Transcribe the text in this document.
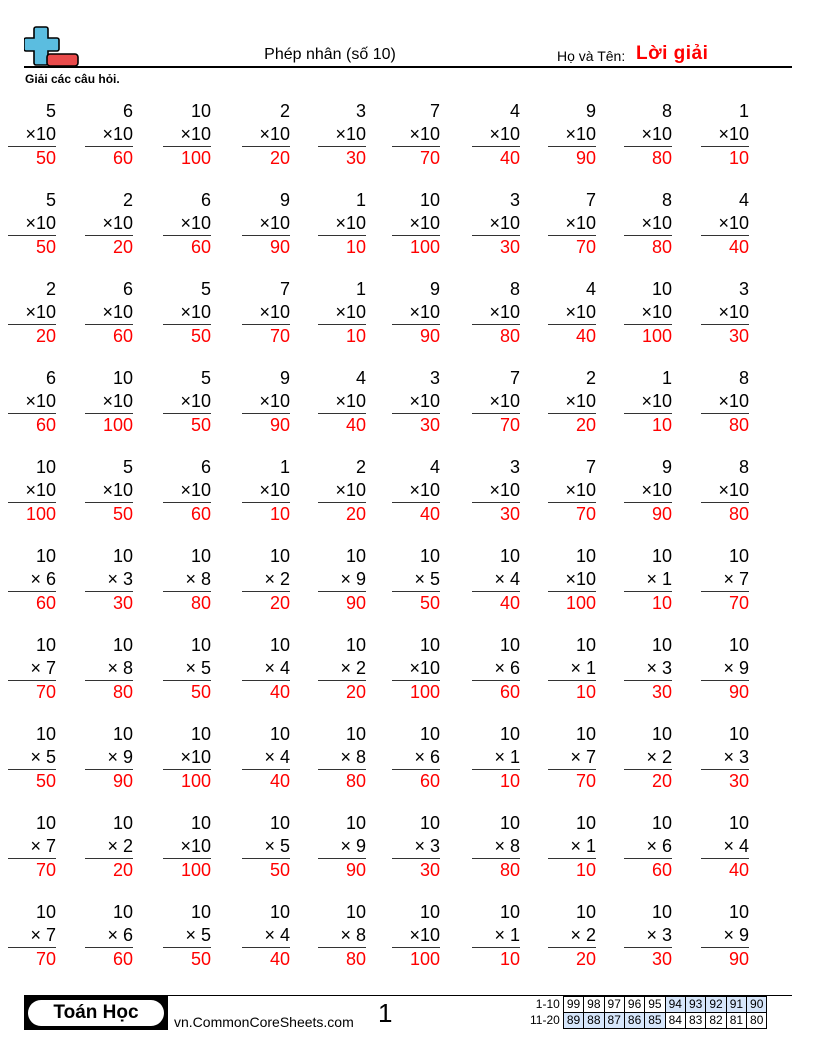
Phép nhân (số 10)	Họ và Tên: Lời giải
Giải các câu hỏi.
5
×10
50
6
×10
60
10
×10
100
2
×10
20
3
×10
30
7
×10
70
4
×10
40
9
×10
90
8
×10
80
1
×10
10
5
×10
50
2
×10
20
6
×10
60
9
×10
90
1
×10
10
10
×10
100
3
×10
30
7
×10
70
8
×10
80
4
×10
40
2
×10
20
6
×10
60
5
×10
50
7
×10
70
1
×10
10
9
×10
90
8
×10
80
4
×10
40
10
×10
100
3
×10
30
6
×10
60
10
×10
100
5
×10
50
9
×10
90
4
×10
40
3
×10
30
7
×10
70
2
×10
20
1
×10
10
8
×10
80
10
×10
100
5
×10
50
6
×10
60
1
×10
10
2
×10
20
4
×10
40
3
×10
30
7
×10
70
9
×10
90
8
×10
80
10
× 6
60
10
× 3
30
10
× 8
80
10
× 2
20
10
× 9
90
10
× 5
50
10
× 4
40
10
×10
100
10
× 1
10
10
× 7
70
10
× 7
70
10
× 8
80
10
× 5
50
10
× 4
40
10
× 2
20
10
×10
100
10
× 6
60
10
× 1
10
10
× 3
30
10
× 9
90
10
× 5
50
10
× 9
90
10
×10
100
10
× 4
40
10
× 8
80
10
× 6
60
10
× 1
10
10
× 7
70
10
× 2
20
10
× 3
30
10
× 7
70
10
× 2
20
10
×10
100
10
× 5
50
10
× 9
90
10
× 3
30
10
× 8
80
10
× 1
10
10
× 6
60
10
× 4
40
10
× 7
70
10
× 6
60
10
× 5
50
10
× 4
40
10
× 8
80
10
×10
100
10
× 1
10
10
× 2
20
10
× 3
30
10
× 9
90
Toán Học	vn.CommonCoreSheets.com 1	1-10	99	98	97	96	95	94	93	92	91	90
11-20	89	88	87	86	85	84	83	82	81	80
